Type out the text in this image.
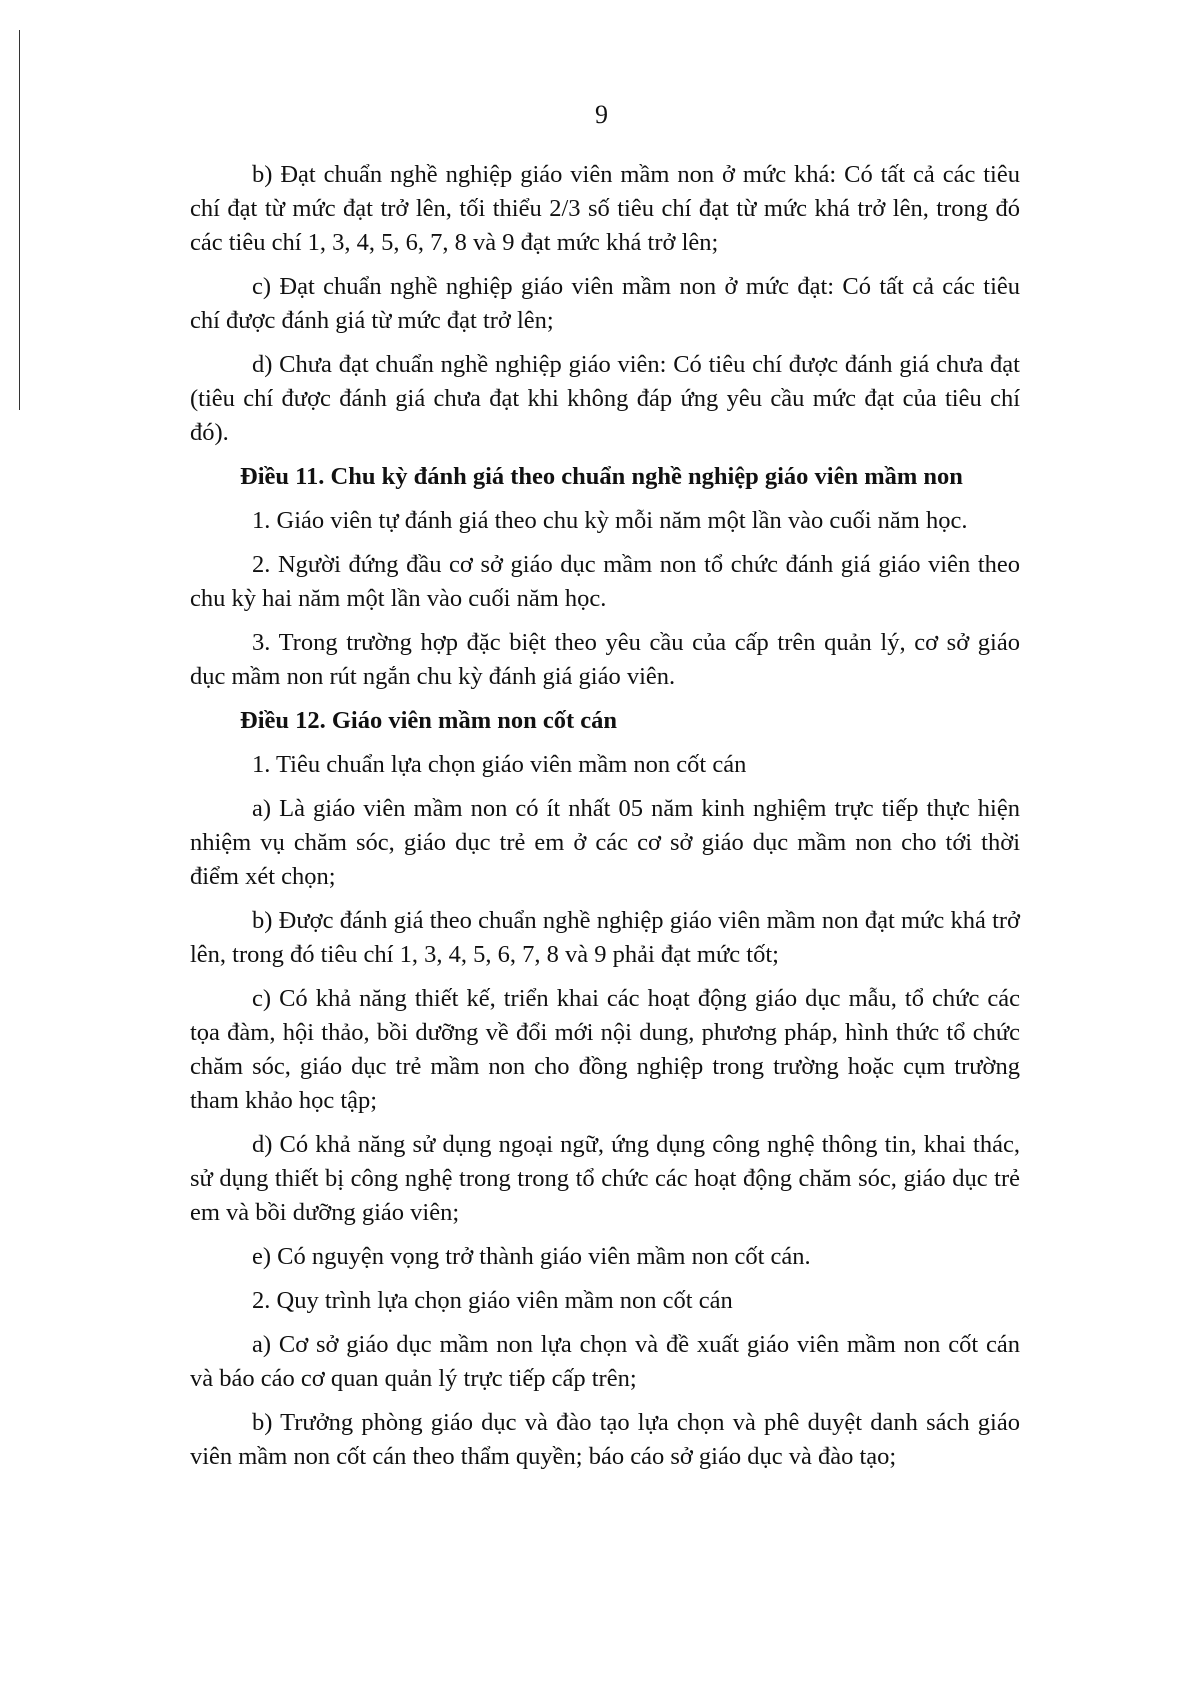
9

b) Đạt chuẩn nghề nghiệp giáo viên mầm non ở mức khá: Có tất cả các tiêu chí đạt từ mức đạt trở lên, tối thiểu 2/3 số tiêu chí đạt từ mức khá trở lên, trong đó các tiêu chí 1, 3, 4, 5, 6, 7, 8 và 9 đạt mức khá trở lên;

c) Đạt chuẩn nghề nghiệp giáo viên mầm non ở mức đạt: Có tất cả các tiêu chí được đánh giá từ mức đạt trở lên;

d) Chưa đạt chuẩn nghề nghiệp giáo viên: Có tiêu chí được đánh giá chưa đạt (tiêu chí được đánh giá chưa đạt khi không đáp ứng yêu cầu mức đạt của tiêu chí đó).

Điều 11. Chu kỳ đánh giá theo chuẩn nghề nghiệp giáo viên mầm non

1. Giáo viên tự đánh giá theo chu kỳ mỗi năm một lần vào cuối năm học.

2. Người đứng đầu cơ sở giáo dục mầm non tổ chức đánh giá giáo viên theo chu kỳ hai năm một lần vào cuối năm học.

3. Trong trường hợp đặc biệt theo yêu cầu của cấp trên quản lý, cơ sở giáo dục mầm non rút ngắn chu kỳ đánh giá giáo viên.

Điều 12. Giáo viên mầm non cốt cán

1. Tiêu chuẩn lựa chọn giáo viên mầm non cốt cán

a) Là giáo viên mầm non có ít nhất 05 năm kinh nghiệm trực tiếp thực hiện nhiệm vụ chăm sóc, giáo dục trẻ em ở các cơ sở giáo dục mầm non cho tới thời điểm xét chọn;

b) Được đánh giá theo chuẩn nghề nghiệp giáo viên mầm non đạt mức khá trở lên, trong đó tiêu chí 1, 3, 4, 5, 6, 7, 8 và 9 phải đạt mức tốt;

c) Có khả năng thiết kế, triển khai các hoạt động giáo dục mẫu, tổ chức các tọa đàm, hội thảo, bồi dưỡng về đổi mới nội dung, phương pháp, hình thức tổ chức chăm sóc, giáo dục trẻ mầm non cho đồng nghiệp trong trường hoặc cụm trường tham khảo học tập;

d) Có khả năng sử dụng ngoại ngữ, ứng dụng công nghệ thông tin, khai thác, sử dụng thiết bị công nghệ trong trong tổ chức các hoạt động chăm sóc, giáo dục trẻ em và bồi dưỡng giáo viên;

e) Có nguyện vọng trở thành giáo viên mầm non cốt cán.

2. Quy trình lựa chọn giáo viên mầm non cốt cán

a) Cơ sở giáo dục mầm non lựa chọn và đề xuất giáo viên mầm non cốt cán và báo cáo cơ quan quản lý trực tiếp cấp trên;

b) Trưởng phòng giáo dục và đào tạo lựa chọn và phê duyệt danh sách giáo viên mầm non cốt cán theo thẩm quyền; báo cáo sở giáo dục và đào tạo;
